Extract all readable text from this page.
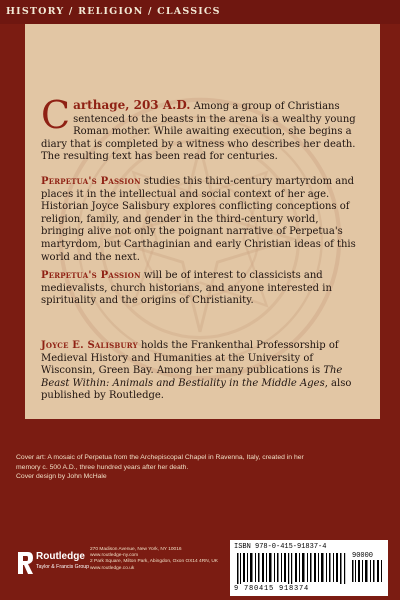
HISTORY / RELIGION / CLASSICS
Carthage, 203 A.D. Among a group of Christians sentenced to the beasts in the arena is a wealthy young Roman mother. While awaiting execution, she begins a diary that is completed by a witness who describes her death. The resulting text has been read for centuries.
Perpetua's Passion studies this third-century martyrdom and places it in the intellectual and social context of her age. Historian Joyce Salisbury explores conflicting conceptions of religion, family, and gender in the third-century world, bringing alive not only the poignant narrative of Perpetua's martyrdom, but Carthaginian and early Christian ideas of this world and the next.
Perpetua's Passion will be of interest to classicists and medievalists, church historians, and anyone interested in spirituality and the origins of Christianity.
Joyce E. Salisbury holds the Frankenthal Professorship of Medieval History and Humanities at the University of Wisconsin, Green Bay. Among her many publications is The Beast Within: Animals and Bestiality in the Middle Ages, also published by Routledge.
Cover art: A mosaic of Perpetua from the Archepiscopal Chapel in Ravenna, Italy, created in her memory c. 500 A.D., three hundred years after her death.
Cover design by John McHale
Routledge
Taylor & Francis Group
270 Madison Avenue, New York, NY 10016
www.routledge-ny.com
2 Park Square, Milton Park, Abingdon, Oxon OX14 4RN, UK
www.routledge.co.uk
ISBN 978-0-415-91837-4
90000
9 780415 918374
